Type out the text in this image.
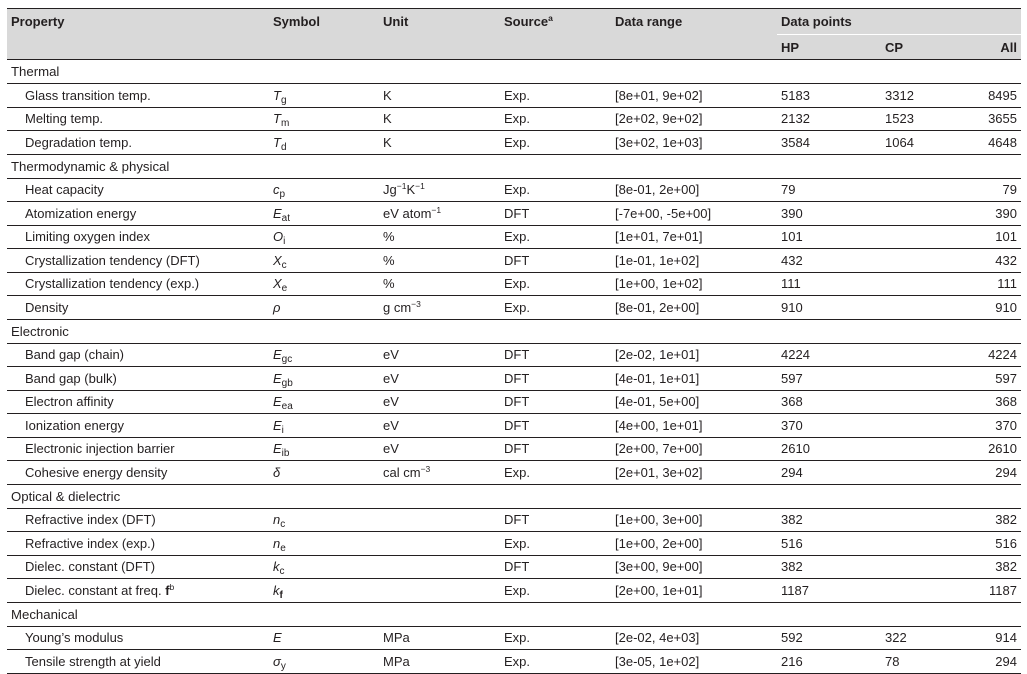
Property	Symbol	Unit	Source$^a$	Data range	Data points		
					HP	CP	All
Thermal							
Glass transition temp.	$T_g$	K	Exp.	[8e+01, 9e+02]	5183	3312	8495
Melting temp.	$T_m$	K	Exp.	[2e+02, 9e+02]	2132	1523	3655
Degradation temp.	$T_d$	K	Exp.	[3e+02, 1e+03]	3584	1064	4648
Thermodynamic & physical							
Heat capacity	$c_p$	$Jg^{-1}K^{-1}$	Exp.	[8e-01, 2e+00]	79		79
Atomization energy	$E_{at}$	eV atom$^{-1}$	DFT	[-7e+00, -5e+00]	390		390
Limiting oxygen index	$O_i$	%	Exp.	[1e+01, 7e+01]	101		101
Crystallization tendency (DFT)	$X_c$	%	DFT	[1e-01, 1e+02]	432		432
Crystallization tendency (exp.)	$X_e$	%	Exp.	[1e+00, 1e+02]	111		111
Density	ρ	g $cm^{-3}$	Exp.	[8e-01, 2e+00]	910		910
Electronic							
Band gap (chain)	$E_{gc}$	eV	DFT	[2e-02, 1e+01]	4224		4224
Band gap (bulk)	$E_{gb}$	eV	DFT	[4e-01, 1e+01]	597		597
Electron affinity	$E_{ea}$	eV	DFT	[4e-01, 5e+00]	368		368
Ionization energy	$E_i$	eV	DFT	[4e+00, 1e+01]	370		370
Electronic injection barrier	$E_{ib}$	eV	DFT	[2e+00, 7e+00]	2610		2610
Cohesive energy density	δ	cal $cm^{-3}$	Exp.	[2e+01, 3e+02]	294		294
Optical & dielectric							
Refractive index (DFT)	$n_c$		DFT	[1e+00, 3e+00]	382		382
Refractive index (exp.)	$n_e$		Exp.	[1e+00, 2e+00]	516		516
Dielec. constant (DFT)	$k_c$		DFT	[3e+00, 9e+00]	382		382
Dielec. constant at freq. $f^b$	$k_f$		Exp.	[2e+00, 1e+01]	1187		1187
Mechanical							
Young’s modulus	E	MPa	Exp.	[2e-02, 4e+03]	592	322	914
Tensile strength at yield	$\sigma_y$	MPa	Exp.	[3e-05, 1e+02]	216	78	294
